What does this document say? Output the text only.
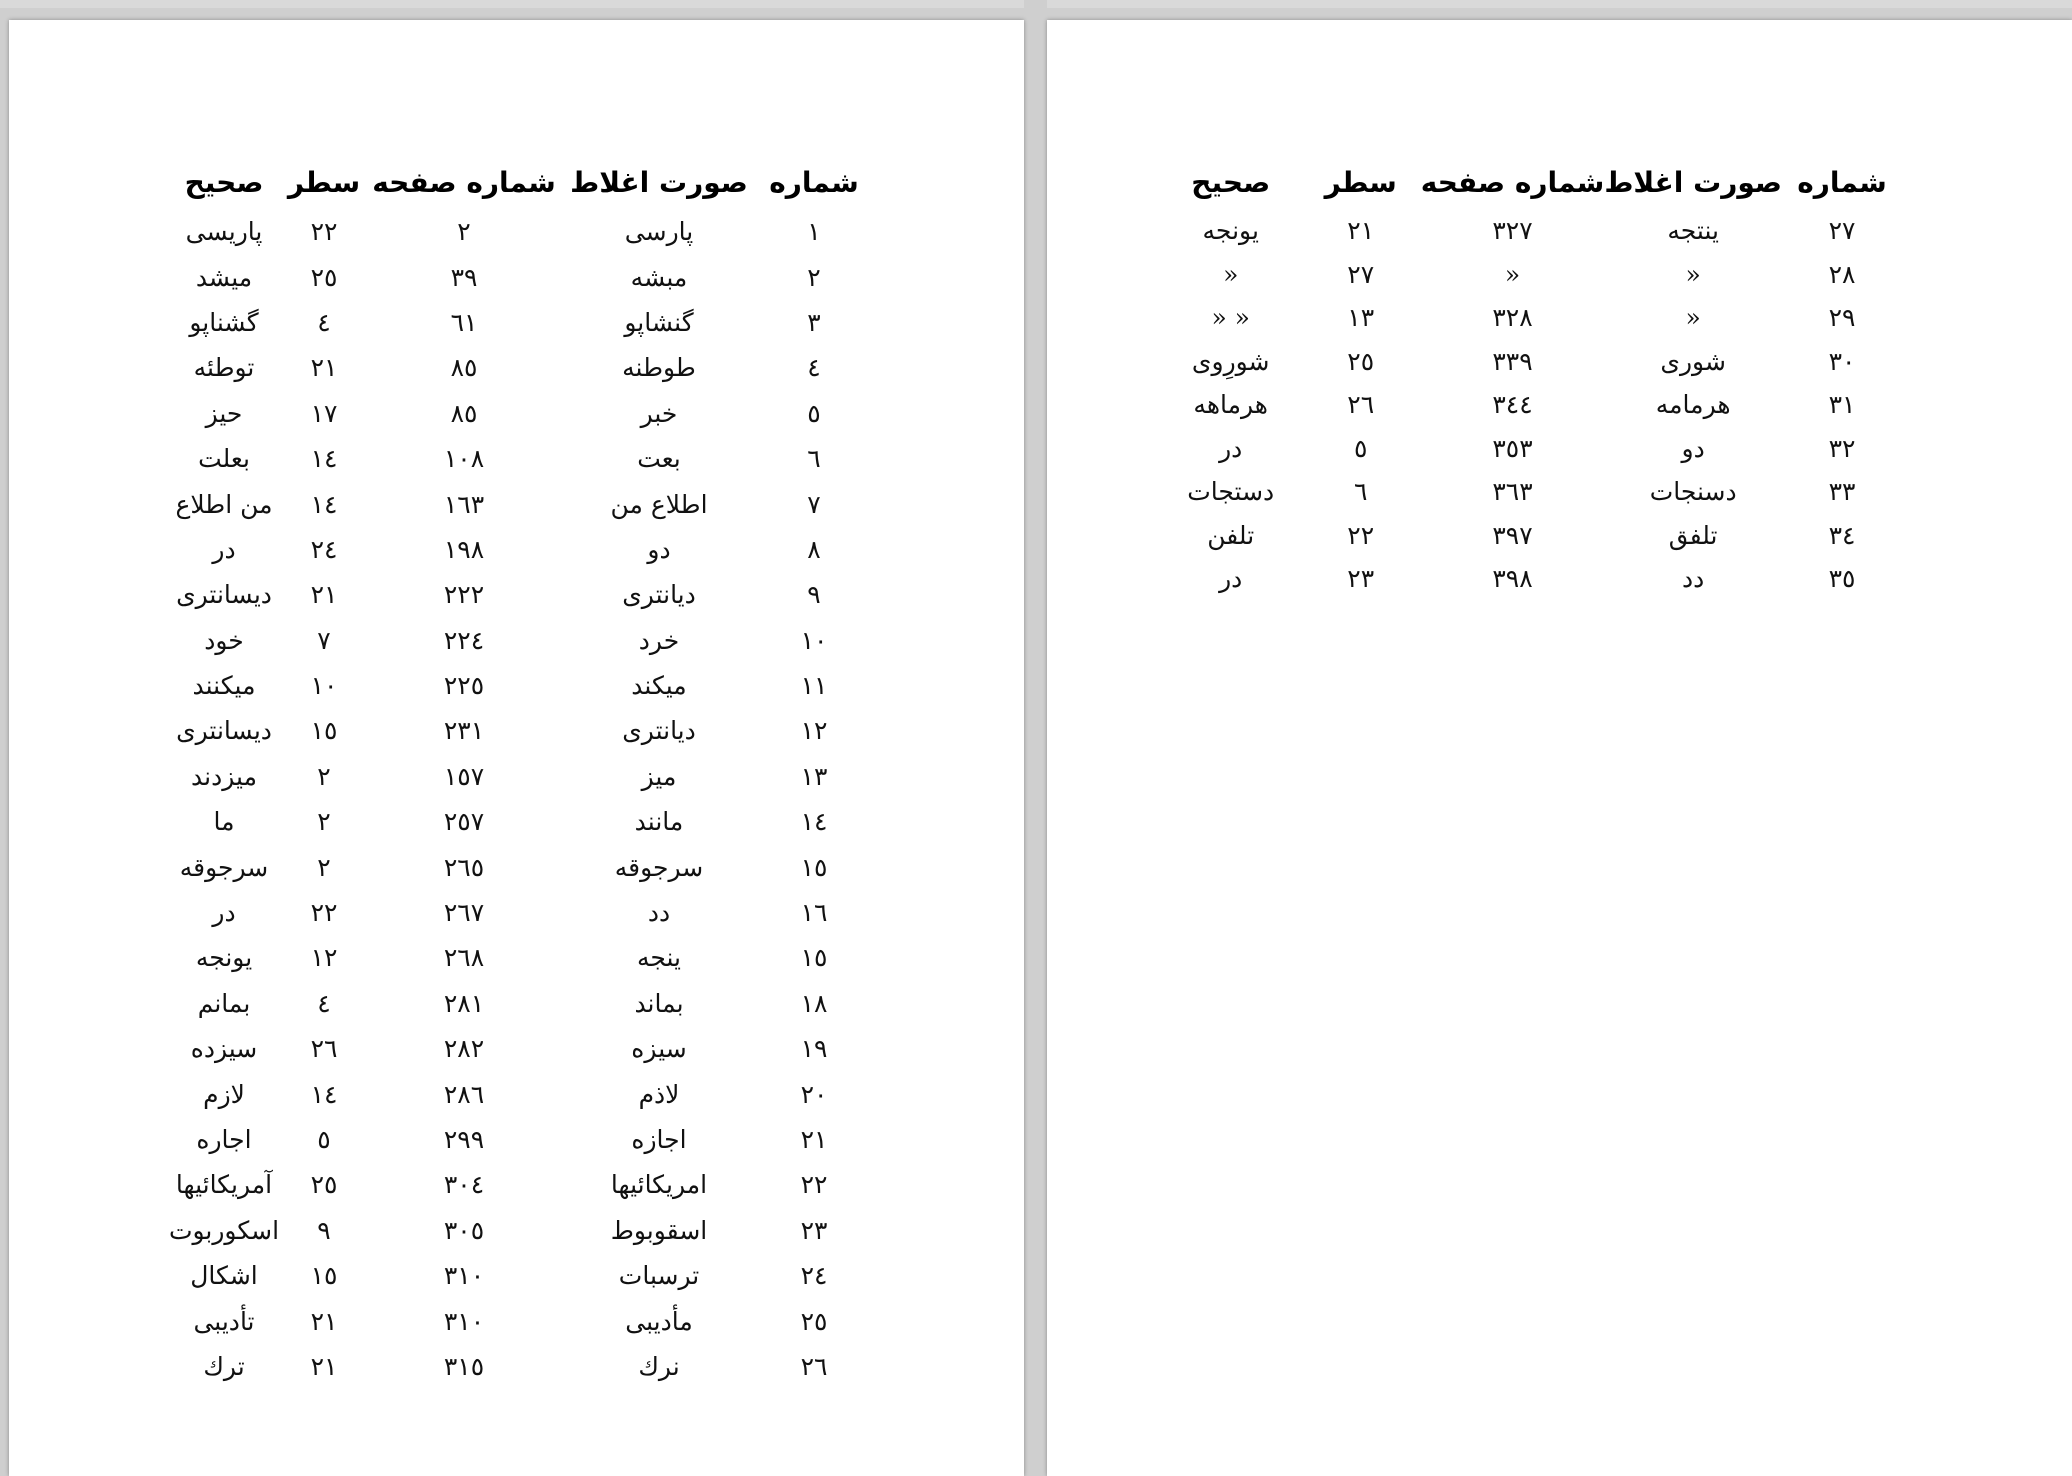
شماره	صورت اغلاط	شماره صفحه	سطر	صحیح
١	پارسی	٢	٢٢	پاریسی
٢	مبشه	٣٩	٢٥	میشد
٣	گنشاپو	٦١	٤	گشناپو
٤	طوطنه	٨٥	٢١	توطئه
٥	خبر	٨٥	١٧	حیز
٦	بعت	١٠٨	١٤	بعلت
٧	اطلاع من	١٦٣	١٤	من اطلاع
٨	دو	١٩٨	٢٤	در
٩	دیانتری	٢٢٢	٢١	دیسانتری
١٠	خرد	٢٢٤	٧	خود
١١	میکند	٢٢٥	١٠	میکنند
١٢	دیانتری	٢٣١	١٥	دیسانتری
١٣	میز	١٥٧	٢	میزدند
١٤	مانند	٢٥٧	٢	ما
١٥	سرجوقه	٢٦٥	٢	سرجوقه
١٦	دد	٢٦٧	٢٢	در
١٥	ینجه	٢٦٨	١٢	یونجه
١٨	بماند	٢٨١	٤	بمانم
١٩	سیزه	٢٨٢	٢٦	سیزده
٢٠	لاذم	٢٨٦	١٤	لازم
٢١	اجازه	٢٩٩	٥	اجاره
٢٢	امریکائیها	٣٠٤	٢٥	آمریکائیها
٢٣	اسقوبوط	٣٠٥	٩	اسکوربوت
٢٤	ترسبات	٣١٠	١٥	اشکال
٢٥	مأدیبی	٣١٠	٢١	تأدیبی
٢٦	نرك	٣١٥	٢١	ترك
شماره	صورت اغلاط	شماره صفحه	سطر	صحیح
٢٧	ینتجه	٣٢٧	٢١	یونجه
٢٨	«	«	٢٧	«
٢٩	«	٣٢٨	١٣	« «
٣٠	شوری	٣٣٩	٢٥	شورِوی
٣١	هرمامه	٣٤٤	٢٦	هرماهه
٣٢	دو	٣٥٣	٥	در
٣٣	دسنجات	٣٦٣	٦	دستجات
٣٤	تلفق	٣٩٧	٢٢	تلفن
٣٥	دد	٣٩٨	٢٣	در
